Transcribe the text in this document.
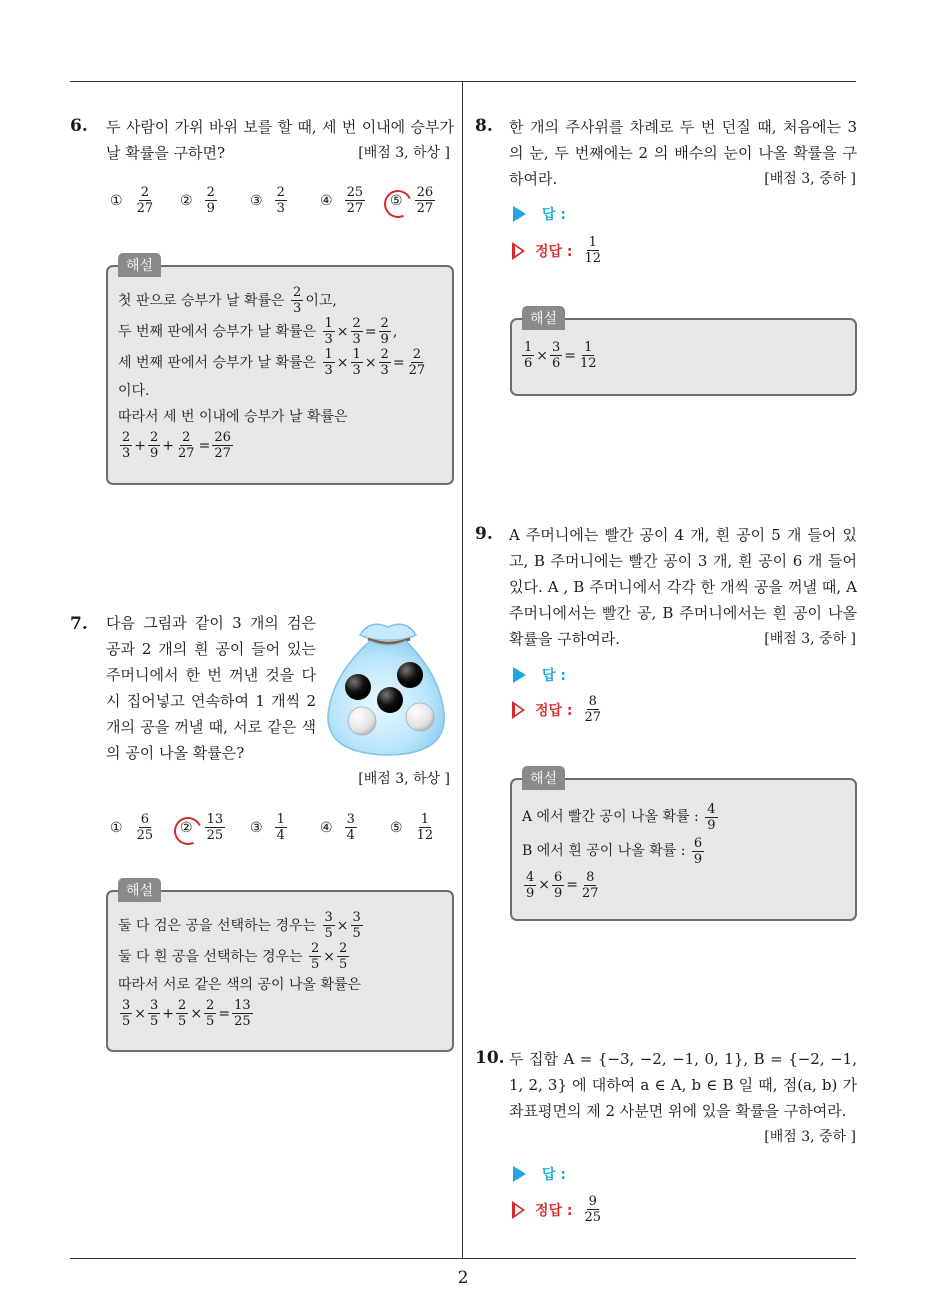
6. 두 사람이 가위 바위 보를 할 때, 세 번 이내에 승부가 날 확률을 구하면?	[배점 3, 하상 ]
① $\frac{2}{27}$ ② $\frac{2}{9}$ ③ $\frac{2}{3}$ ④ $\frac{25}{27}$ ⑤ $\frac{26}{27}$
해설
첫 판으로 승부가 날 확률은
$\frac{2}{3}$ 이고,
두 번째 판에서 승부가 날 확률은
$\frac{1}{3} \times \frac{2}{3} = \frac{2}{9}$ ,
세 번째 판에서 승부가 날 확률은
$\frac{1}{3} \times \frac{1}{3} \times \frac{2}{3} = \frac{2}{27}$
이다.
따라서 세 번 이내에 승부가 날 확률은
$\frac{2}{3} + \frac{2}{9} + \frac{2}{27} = \frac{26}{27}$
7. 다음 그림과 같이 3 개의 검은 공과 2 개의 흰 공이 들어 있는 주머니에서 한 번 꺼낸 것을 다시 집어넣고 연속하여 1 개씩 2 개의 공을 꺼낼 때, 서로 같은 색의 공이 나올 확률은?
[배점 3, 하상 ]
① $\frac{6}{25}$ ② $\frac{13}{25}$ ③ $\frac{1}{4}$ ④ $\frac{3}{4}$ ⑤ $\frac{1}{12}$
해설
둘 다 검은 공을 선택하는 경우는
$\frac{3}{5} \times \frac{3}{5}$
둘 다 흰 공을 선택하는 경우는
$\frac{2}{5} \times \frac{2}{5}$
따라서 서로 같은 색의 공이 나올 확률은
$\frac{3}{5} \times \frac{3}{5} + \frac{2}{5} \times \frac{2}{5} = \frac{13}{25}$
8. 한 개의 주사위를 차례로 두 번 던질 때, 처음에는 3 의 눈, 두 번째에는 2 의 배수의 눈이 나올 확률을 구하여라.	[배점 3, 중하 ]
답 :
정답 : $\frac{1}{12}$
해설
$\frac{1}{6} \times \frac{3}{6} = \frac{1}{12}$
9. A 주머니에는 빨간 공이 4 개, 흰 공이 5 개 들어 있고, B 주머니에는 빨간 공이 3 개, 흰 공이 6 개 들어 있다. A , B 주머니에서 각각 한 개씩 공을 꺼낼 때, A 주머니에서는 빨간 공, B 주머니에서는 흰 공이 나올 확률을 구하여라.	[배점 3, 중하 ]
답 :
정답 : $\frac{8}{27}$
해설
A 에서 빨간 공이 나올 확률 :
$\frac{4}{9}$
B 에서 흰 공이 나올 확률 :
$\frac{6}{9}$
$\frac{4}{9} \times \frac{6}{9} = \frac{8}{27}$
10. 두 집합 A = {−3, −2, −1, 0, 1}, B = {−2, −1, 1, 2, 3} 에 대하여 a ∈ A, b ∈ B 일 때, 점(a, b) 가 좌표평면의 제 2 사분면 위에 있을 확률을 구하여라.
[배점 3, 중하 ]
답 :
정답 : $\frac{9}{25}$
2
